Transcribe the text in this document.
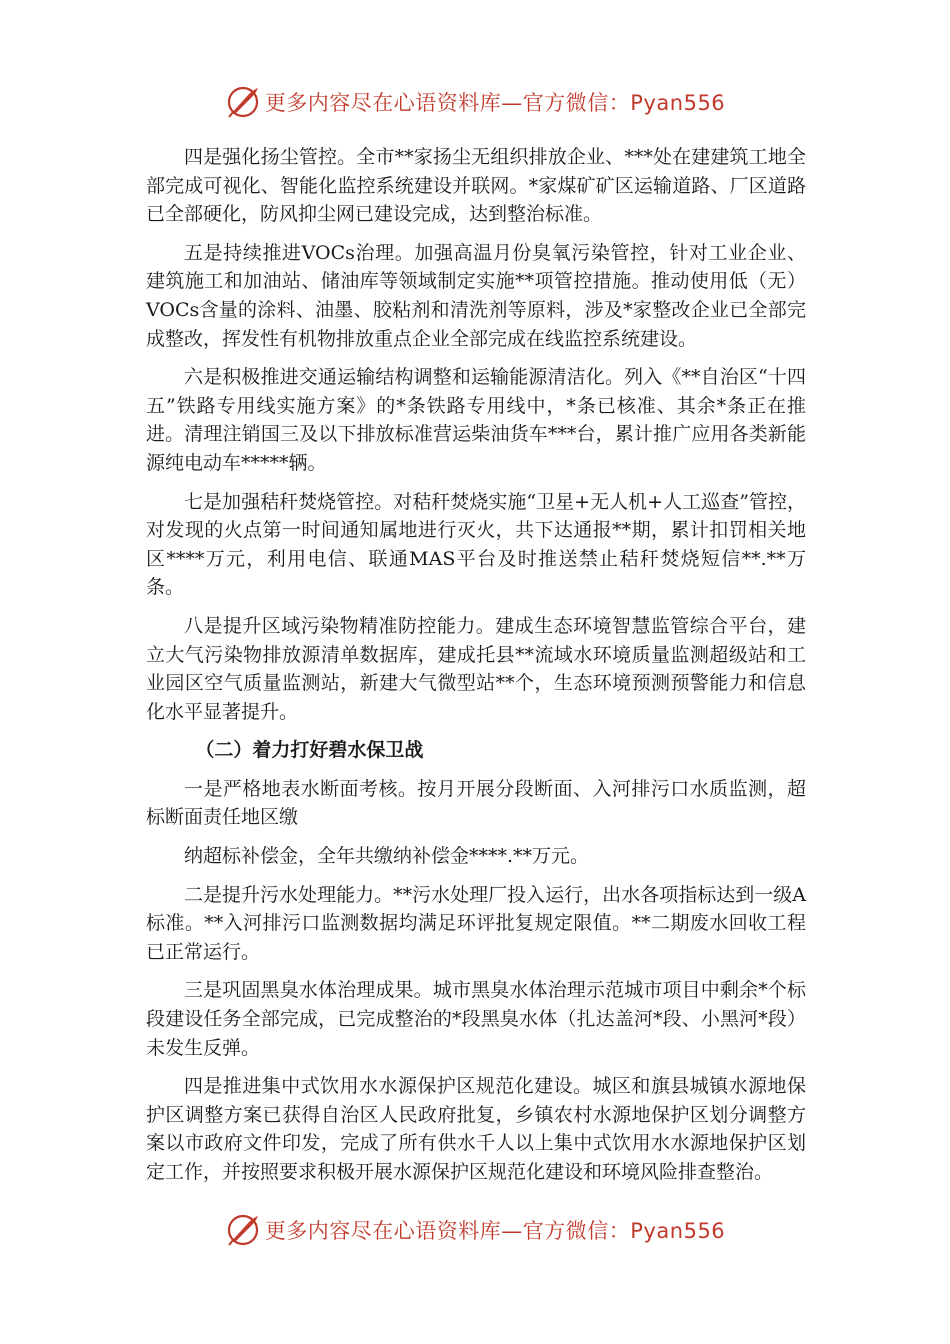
更多内容尽在心语资料库—官方微信：Pyan556

四是强化扬尘管控。全市**家扬尘无组织排放企业、***处在建建筑工地全部完成可视化、智能化监控系统建设并联网。*家煤矿矿区运输道路、厂区道路已全部硬化，防风抑尘网已建设完成，达到整治标准。

五是持续推进VOCs治理。加强高温月份臭氧污染管控，针对工业企业、建筑施工和加油站、储油库等领域制定实施**项管控措施。推动使用低（无）VOCs含量的涂料、油墨、胶粘剂和清洗剂等原料，涉及*家整改企业已全部完成整改，挥发性有机物排放重点企业全部完成在线监控系统建设。

六是积极推进交通运输结构调整和运输能源清洁化。列入《**自治区“十四五”铁路专用线实施方案》的*条铁路专用线中，*条已核准、其余*条正在推进。清理注销国三及以下排放标准营运柴油货车***台，累计推广应用各类新能源纯电动车*****辆。

七是加强秸秆焚烧管控。对秸秆焚烧实施“卫星+无人机+人工巡查”管控，对发现的火点第一时间通知属地进行灭火，共下达通报**期，累计扣罚相关地区****万元，利用电信、联通MAS平台及时推送禁止秸秆焚烧短信**.**万条。

八是提升区域污染物精准防控能力。建成生态环境智慧监管综合平台，建立大气污染物排放源清单数据库，建成托县**流域水环境质量监测超级站和工业园区空气质量监测站，新建大气微型站**个，生态环境预测预警能力和信息化水平显著提升。

（二）着力打好碧水保卫战

一是严格地表水断面考核。按月开展分段断面、入河排污口水质监测，超标断面责任地区缴

纳超标补偿金，全年共缴纳补偿金****.**万元。

二是提升污水处理能力。**污水处理厂投入运行，出水各项指标达到一级A标准。**入河排污口监测数据均满足环评批复规定限值。**二期废水回收工程已正常运行。

三是巩固黑臭水体治理成果。城市黑臭水体治理示范城市项目中剩余*个标段建设任务全部完成，已完成整治的*段黑臭水体（扎达盖河*段、小黑河*段）未发生反弹。

四是推进集中式饮用水水源保护区规范化建设。城区和旗县城镇水源地保护区调整方案已获得自治区人民政府批复，乡镇农村水源地保护区划分调整方案以市政府文件印发，完成了所有供水千人以上集中式饮用水水源地保护区划定工作，并按照要求积极开展水源保护区规范化建设和环境风险排查整治。

更多内容尽在心语资料库—官方微信：Pyan556
